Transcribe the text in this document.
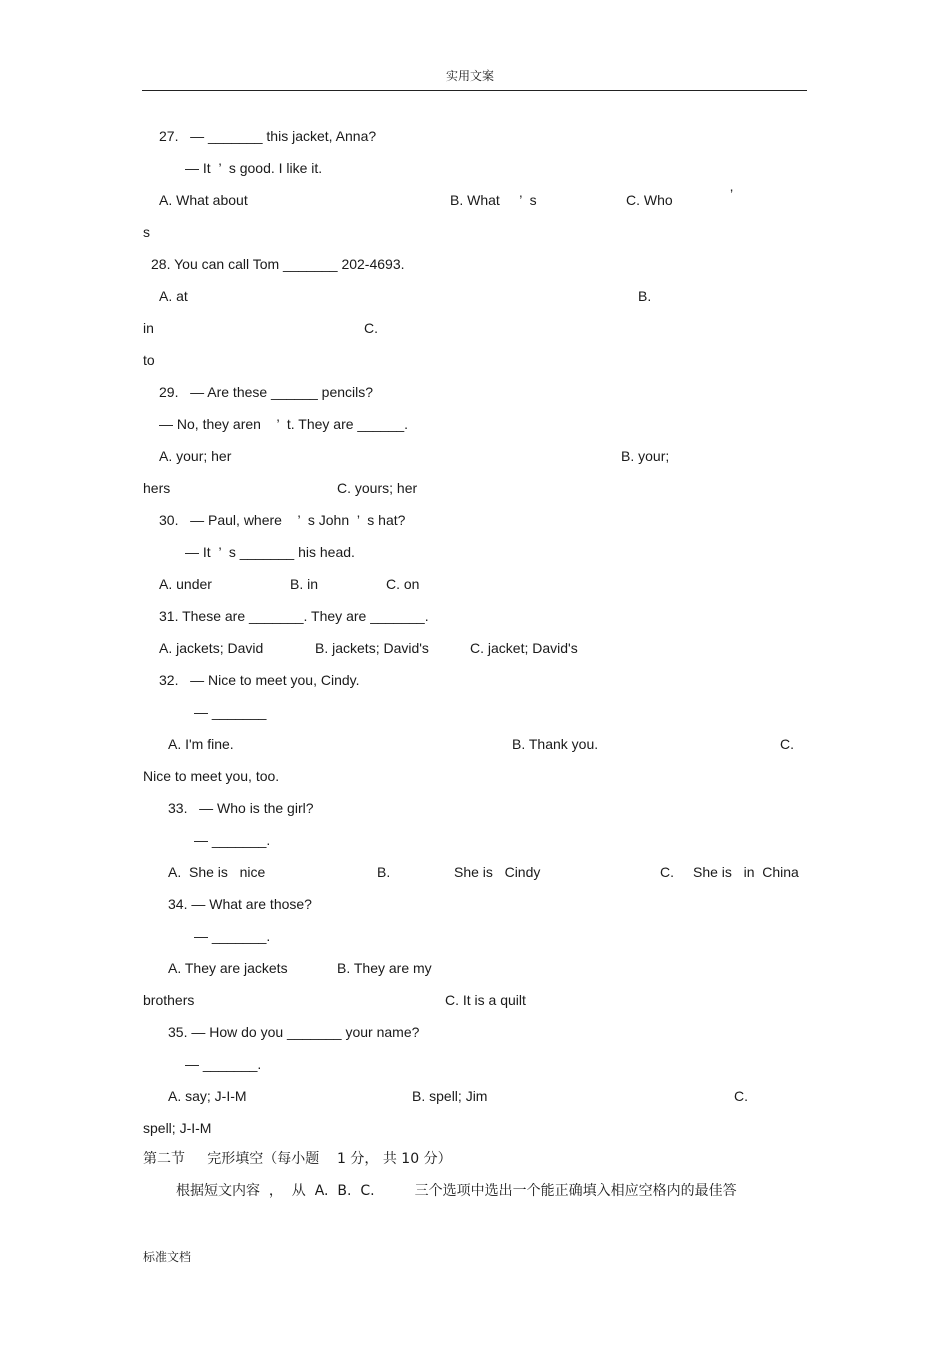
实用文案
27.   — _______ this jacket, Anna?
— It  ’  s good. I like it.
A. What about	B. What     ’  s	C. Who	’
s
28. You can call Tom _______ 202-4693.
A. at	B.
in	C.
to
29.   — Are these ______ pencils?
— No, they aren    ’  t. They are ______.
A. your; her	B. your;
hers	C. yours; her
30.   — Paul, where    ’  s John  ’  s hat?
— It  ’  s _______ his head.
A. under	B. in	C. on
31. These are _______. They are _______.
A. jackets; David	B. jackets; David's	C. jacket; David's
32.   — Nice to meet you, Cindy.
— _______
A. I'm fine.	B. Thank you.	C.
Nice to meet you, too.
33.   — Who is the girl?
— _______.
A.  She is   nice	B.	She is   Cindy	C. She is   in  China
34. — What are those?
— _______.
A. They are jackets	B. They are my
brothers	C. It is a quilt
35. — How do you _______ your name?
— _______.
A. say; J-I-M	B. spell; Jim	C.
spell; J-I-M
第二节     完形填空（每小题    1 分， 共 10 分）
根据短文内容  ，  从  A.  B.  C.         三个选项中选出一个能正确填入相应空格内的最佳答
标准文档
